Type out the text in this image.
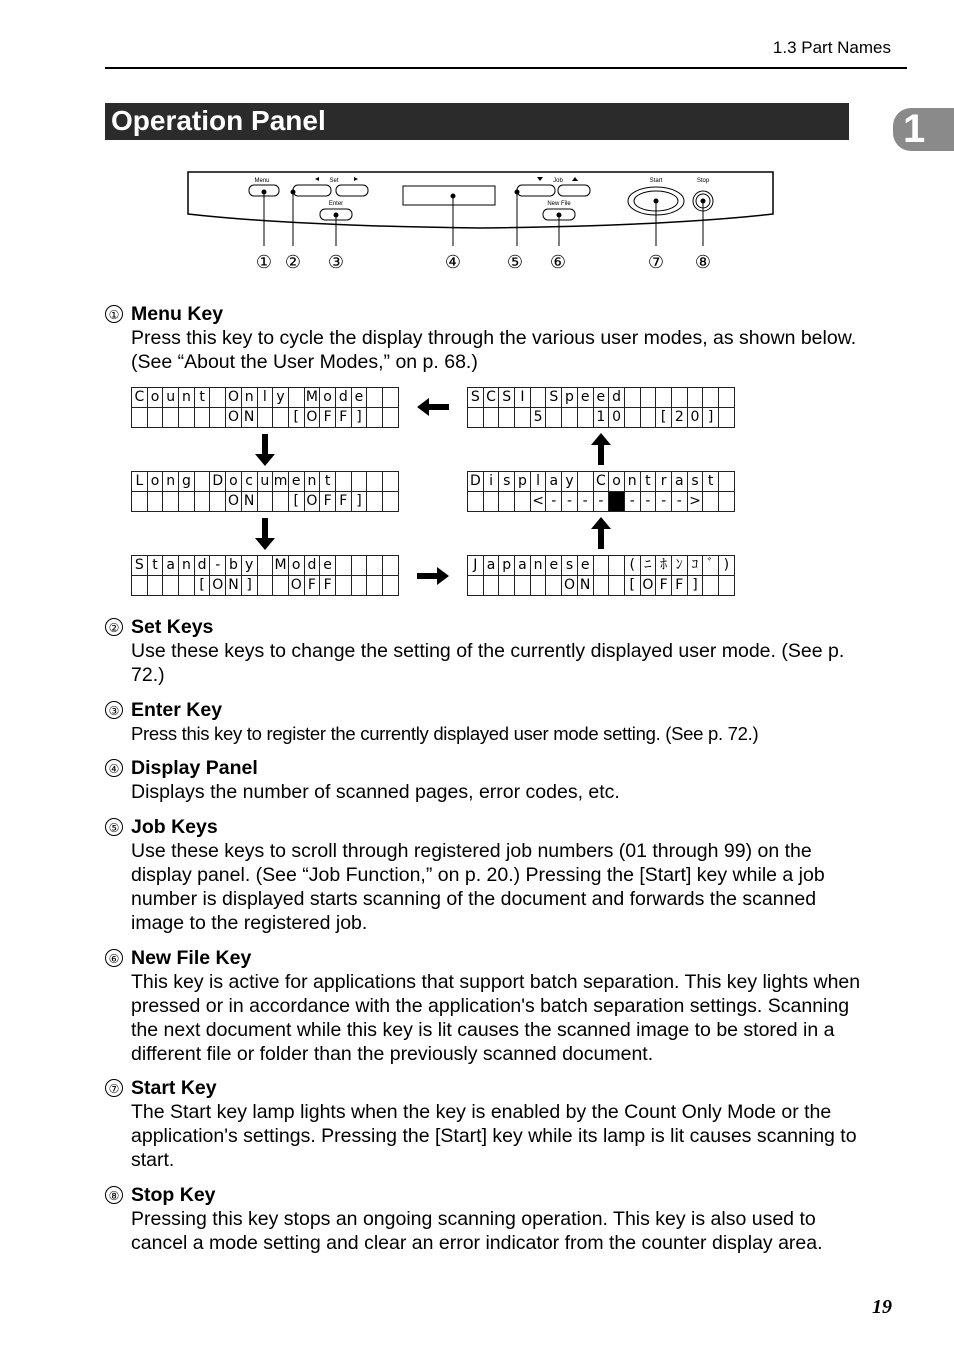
1.3 Part Names
Operation Panel	1
Menu	Set
Enter
Job
New File
Start	Stop
① ② ③	④	⑤ ⑥	⑦ ⑧
① Menu Key
Press this key to cycle the display through the various user modes, as shown below. (See “About the User Modes,” on p. 68.)
C	o	u	n	t		O	n	l	y		M	o	d	e		
						O	N			[	O	F	F	]		
L	o	n	g		D	o	c	u	m	e	n	t				
						O	N			[	O	F	F	]		
S	t	a	n	d	-	b	y		M	o	d	e				
				[	O	N	]			O	F	F				
S	C	S	I		S	p	e	e	d							
				5				1	0			[	2	0	]	
D	i	s	p	l	a	y		C	o	n	t	r	a	s	t	
				<	-	-	-	-		-	-	-	-	>		
J	a	p	a	n	e	s	e			(	ﾆ	ﾎ	ﾝ	ｺ	ﾞ	)
						O	N			[	O	F	F	]		
② Set Keys
Use these keys to change the setting of the currently displayed user mode. (See p. 72.)
③ Enter Key
Press this key to register the currently displayed user mode setting. (See p. 72.)
④ Display Panel
Displays the number of scanned pages, error codes, etc.
⑤ Job Keys
Use these keys to scroll through registered job numbers (01 through 99) on the display panel. (See “Job Function,” on p. 20.) Pressing the [Start] key while a job number is displayed starts scanning of the document and forwards the scanned image to the registered job.
⑥ New File Key
This key is active for applications that support batch separation. This key lights when pressed or in accordance with the application's batch separation settings. Scanning the next document while this key is lit causes the scanned image to be stored in a different file or folder than the previously scanned document.
⑦ Start Key
The Start key lamp lights when the key is enabled by the Count Only Mode or the application's settings. Pressing the [Start] key while its lamp is lit causes scanning to start.
⑧ Stop Key
Pressing this key stops an ongoing scanning operation. This key is also used to cancel a mode setting and clear an error indicator from the counter display area.
19
